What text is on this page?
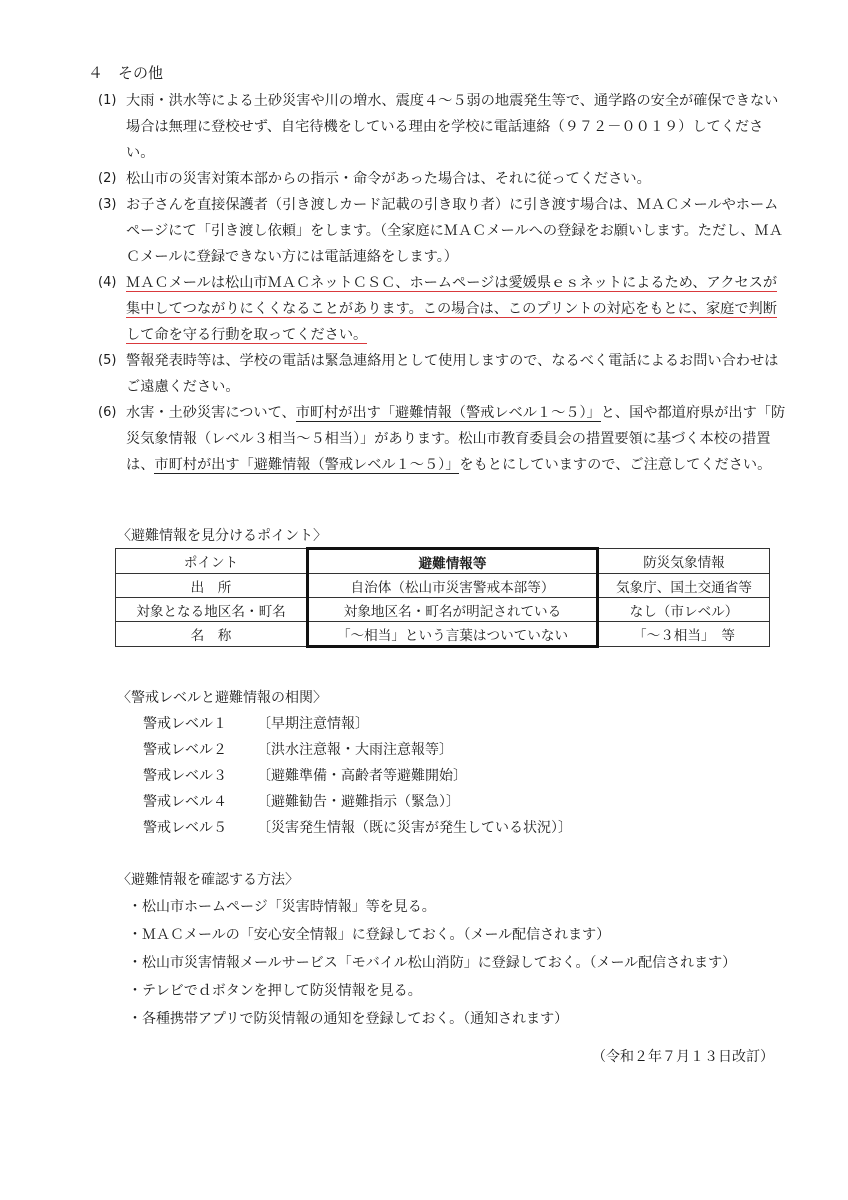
４　その他
(1) 大雨・洪水等による土砂災害や川の増水、震度４～５弱の地震発生等で、通学路の安全が確保できない場合は無理に登校せず、自宅待機をしている理由を学校に電話連絡（９７２－００１９）してください。
(2) 松山市の災害対策本部からの指示・命令があった場合は、それに従ってください。
(3) お子さんを直接保護者（引き渡しカード記載の引き取り者）に引き渡す場合は、ＭＡＣメールやホームページにて「引き渡し依頼」をします。（全家庭にＭＡＣメールへの登録をお願いします。ただし、ＭＡＣメールに登録できない方には電話連絡をします。）
(4) ＭＡＣメールは松山市ＭＡＣネットＣＳＣ、ホームページは愛媛県ｅｓネットによるため、アクセスが集中してつながりにくくなることがあります。この場合は、このプリントの対応をもとに、家庭で判断して命を守る行動を取ってください。
(5) 警報発表時等は、学校の電話は緊急連絡用として使用しますので、なるべく電話によるお問い合わせはご遠慮ください。
(6) 水害・土砂災害について、市町村が出す「避難情報（警戒レベル１～５）」と、国や都道府県が出す「防災気象情報（レベル３相当～５相当）」があります。松山市教育委員会の措置要領に基づく本校の措置は、市町村が出す「避難情報（警戒レベル１～５）」をもとにしていますので、ご注意してください。
〈避難情報を見分けるポイント〉
ポイント	避難情報等	防災気象情報
出　所	自治体（松山市災害警戒本部等）	気象庁、国土交通省等
対象となる地区名・町名	対象地区名・町名が明記されている	なし（市レベル）
名　称	「～相当」という言葉はついていない	「～３相当」　等
〈警戒レベルと避難情報の相関〉
警戒レベル１ 〔早期注意情報〕
警戒レベル２ 〔洪水注意報・大雨注意報等〕
警戒レベル３ 〔避難準備・高齢者等避難開始〕
警戒レベル４ 〔避難勧告・避難指示（緊急）〕
警戒レベル５ 〔災害発生情報（既に災害が発生している状況）〕
〈避難情報を確認する方法〉
・松山市ホームページ「災害時情報」等を見る。
・ＭＡＣメールの「安心安全情報」に登録しておく。（メール配信されます）
・松山市災害情報メールサービス「モバイル松山消防」に登録しておく。（メール配信されます）
・テレビでｄボタンを押して防災情報を見る。
・各種携帯アプリで防災情報の通知を登録しておく。（通知されます）
（令和２年７月１３日改訂）
